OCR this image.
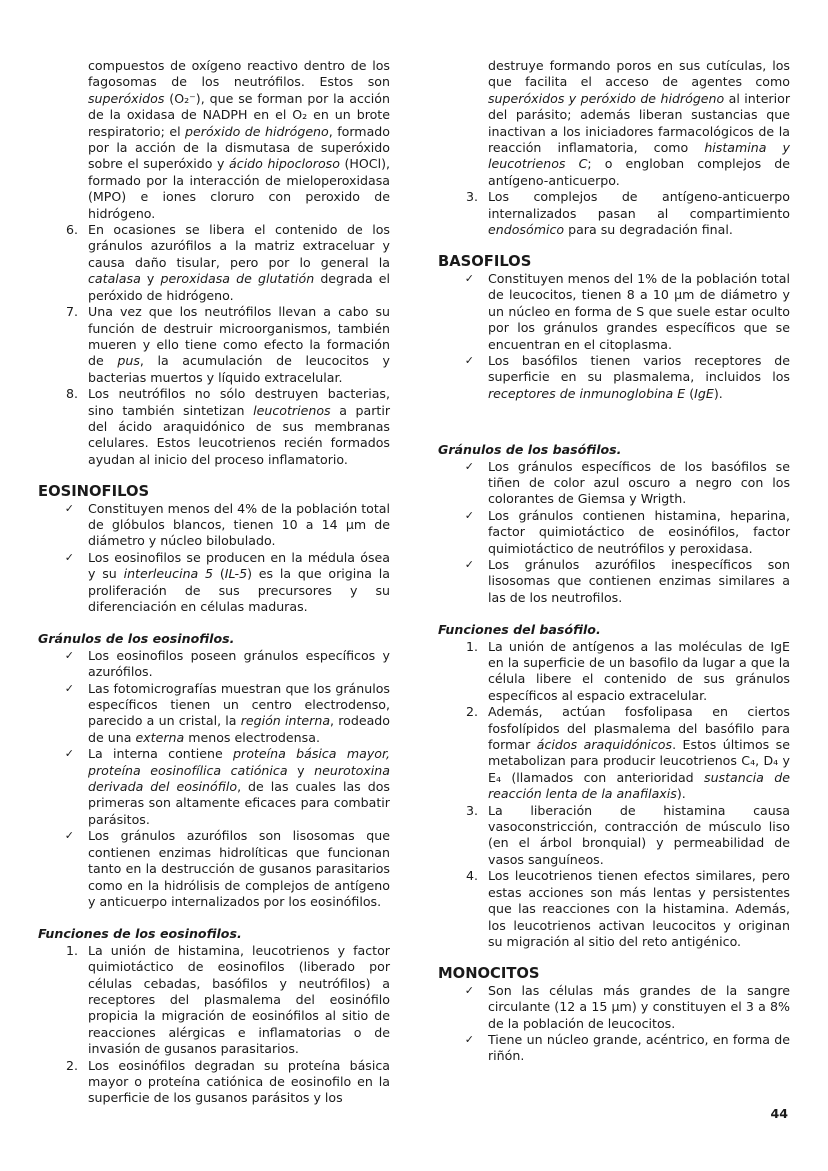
compuestos de oxígeno reactivo dentro de los fagosomas de los neutrófilos. Estos son superóxidos (O₂⁻), que se forman por la acción de la oxidasa de NADPH en el O₂ en un brote respiratorio; el peróxido de hidrógeno, formado por la acción de la dismutasa de superóxido sobre el superóxido y ácido hipocloroso (HOCl), formado por la interacción de mieloperoxidasa (MPO) e iones cloruro con peroxido de hidrógeno.

6. En ocasiones se libera el contenido de los gránulos azurófilos a la matriz extraceluar y causa daño tisular, pero por lo general la catalasa y peroxidasa de glutatión degrada el peróxido de hidrógeno.
7. Una vez que los neutrófilos llevan a cabo su función de destruir microorganismos, también mueren y ello tiene como efecto la formación de pus, la acumulación de leucocitos y bacterias muertos y líquido extracelular.
8. Los neutrófilos no sólo destruyen bacterias, sino también sintetizan leucotrienos a partir del ácido araquidónico de sus membranas celulares. Estos leucotrienos recién formados ayudan al inicio del proceso inflamatorio.
EOSINOFILOS
✓	Constituyen menos del 4% de la población total de glóbulos blancos, tienen 10 a 14 µm de diámetro y núcleo bilobulado.
✓	Los eosinofilos se producen en la médula ósea y su interleucina 5 (IL-5) es la que origina la proliferación de sus precursores y su diferenciación en células maduras.
Gránulos de los eosinofilos.
✓	Los eosinofilos poseen gránulos específicos y azurófilos.
✓	Las fotomicrografías muestran que los gránulos específicos tienen un centro electrodenso, parecido a un cristal, la región interna, rodeado de una externa menos electrodensa.
✓	La interna contiene proteína básica mayor, proteína eosinofílica catiónica y neurotoxina derivada del eosinófilo, de las cuales las dos primeras son altamente eficaces para combatir parásitos.
✓	Los gránulos azurófilos son lisosomas que contienen enzimas hidrolíticas que funcionan tanto en la destrucción de gusanos parasitarios como en la hidrólisis de complejos de antígeno y anticuerpo internalizados por los eosinófilos.
Funciones de los eosinofilos.
1. La unión de histamina, leucotrienos y factor quimiotáctico de eosinofilos (liberado por células cebadas, basófilos y neutrófilos) a receptores del plasmalema del eosinófilo propicia la migración de eosinófilos al sitio de reacciones alérgicas e inflamatorias o de invasión de gusanos parasitarios.
2. Los eosinófilos degradan su proteína básica mayor o proteína catiónica de eosinofilo en la superficie de los gusanos parásitos y los

destruye formando poros en sus cutículas, los que facilita el acceso de agentes como superóxidos y peróxido de hidrógeno al interior del parásito; además liberan sustancias que inactivan a los iniciadores farmacológicos de la reacción inflamatoria, como histamina y leucotrienos C; o engloban complejos de antígeno-anticuerpo.

3. Los complejos de antígeno-anticuerpo internalizados pasan al compartimiento endosómico para su degradación final.
BASOFILOS
✓	Constituyen menos del 1% de la población total de leucocitos, tienen 8 a 10 µm de diámetro y un núcleo en forma de S que suele estar oculto por los gránulos grandes específicos que se encuentran en el citoplasma.
✓	Los basófilos tienen varios receptores de superficie en su plasmalema, incluidos los receptores de inmunoglobina E (IgE).
Gránulos de los basófilos.
✓	Los gránulos específicos de los basófilos se tiñen de color azul oscuro a negro con los colorantes de Giemsa y Wrigth.
✓	Los gránulos contienen histamina, heparina, factor quimiotáctico de eosinófilos, factor quimiotáctico de neutrófilos y peroxidasa.
✓	Los gránulos azurófilos inespecíficos son lisosomas que contienen enzimas similares a las de los neutrofilos.
Funciones del basófilo.
1. La unión de antígenos a las moléculas de IgE en la superficie de un basofilo da lugar a que la célula libere el contenido de sus gránulos específicos al espacio extracelular.
2. Además, actúan fosfolipasa en ciertos fosfolípidos del plasmalema del basófilo para formar ácidos araquidónicos. Estos últimos se metabolizan para producir leucotrienos C₄, D₄ y E₄ (llamados con anterioridad sustancia de reacción lenta de la anafilaxis).
3. La liberación de histamina causa vasoconstricción, contracción de músculo liso (en el árbol bronquial) y permeabilidad de vasos sanguíneos.
4. Los leucotrienos tienen efectos similares, pero estas acciones son más lentas y persistentes que las reacciones con la histamina. Además, los leucotrienos activan leucocitos y originan su migración al sitio del reto antigénico.
MONOCITOS
✓	Son las células más grandes de la sangre circulante (12 a 15 µm) y constituyen el 3 a 8% de la población de leucocitos.
✓	Tiene un núcleo grande, acéntrico, en forma de riñón.
44
